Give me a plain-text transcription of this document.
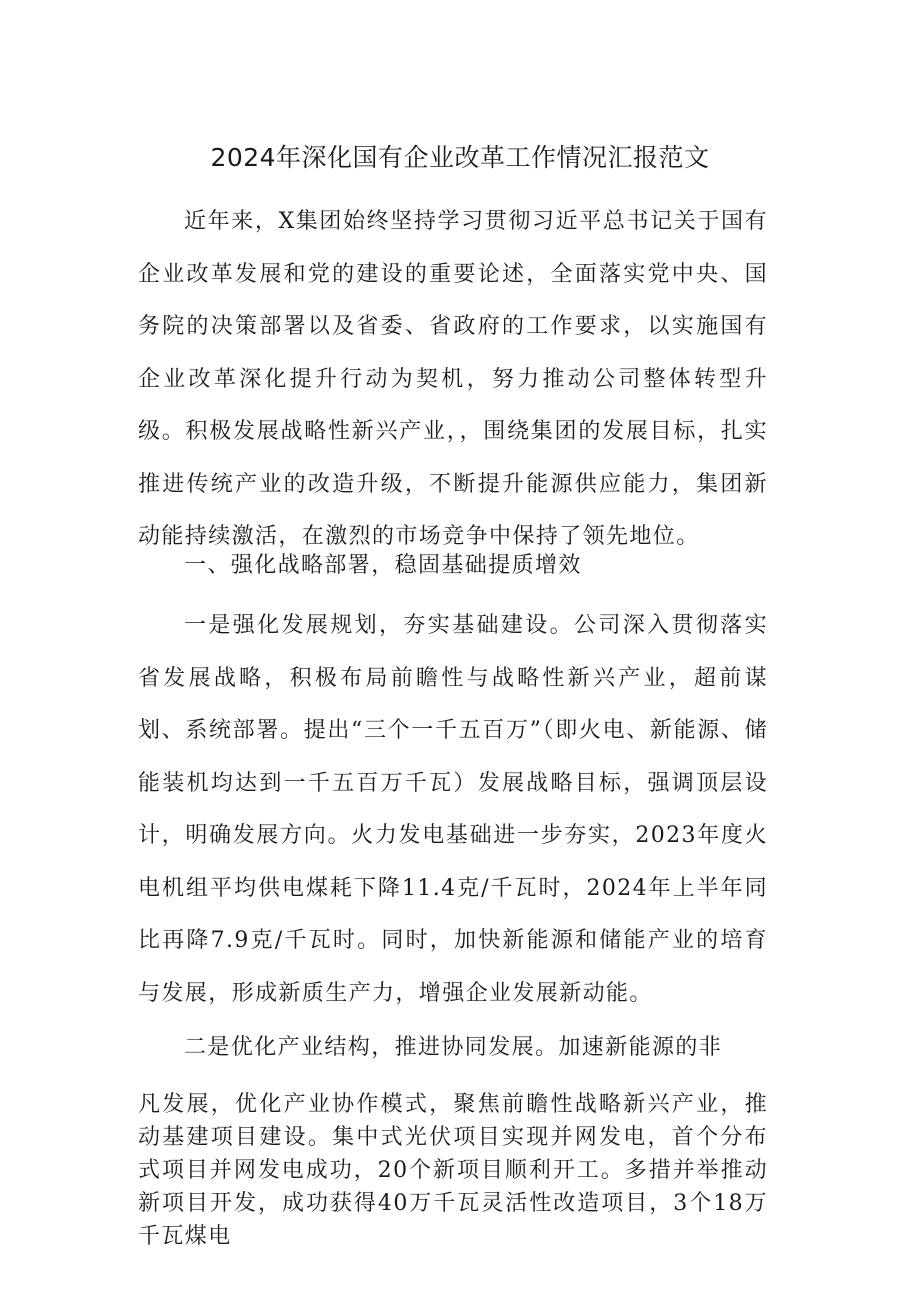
2024年深化国有企业改革工作情况汇报范文

近年来，X集团始终坚持学习贯彻习近平总书记关于国有企业改革发展和党的建设的重要论述，全面落实党中央、国务院的决策部署以及省委、省政府的工作要求，以实施国有企业改革深化提升行动为契机，努力推动公司整体转型升级。积极发展战略性新兴产业，，围绕集团的发展目标，扎实推进传统产业的改造升级，不断提升能源供应能力，集团新动能持续激活，在激烈的市场竞争中保持了领先地位。

一、强化战略部署，稳固基础提质增效

一是强化发展规划，夯实基础建设。公司深入贯彻落实省发展战略，积极布局前瞻性与战略性新兴产业，超前谋划、系统部署。提出“三个一千五百万”（即火电、新能源、储能装机均达到一千五百万千瓦）发展战略目标，强调顶层设计，明确发展方向。火力发电基础进一步夯实，2023年度火电机组平均供电煤耗下降11.4克/千瓦时，2024年上半年同比再降7.9克/千瓦时。同时，加快新能源和储能产业的培育与发展，形成新质生产力，增强企业发展新动能。

二是优化产业结构，推进协同发展。加速新能源的非

凡发展，优化产业协作模式，聚焦前瞻性战略新兴产业，推动基建项目建设。集中式光伏项目实现并网发电，首个分布式项目并网发电成功，20个新项目顺利开工。多措并举推动新项目开发，成功获得40万千瓦灵活性改造项目，3个18万千瓦煤电
